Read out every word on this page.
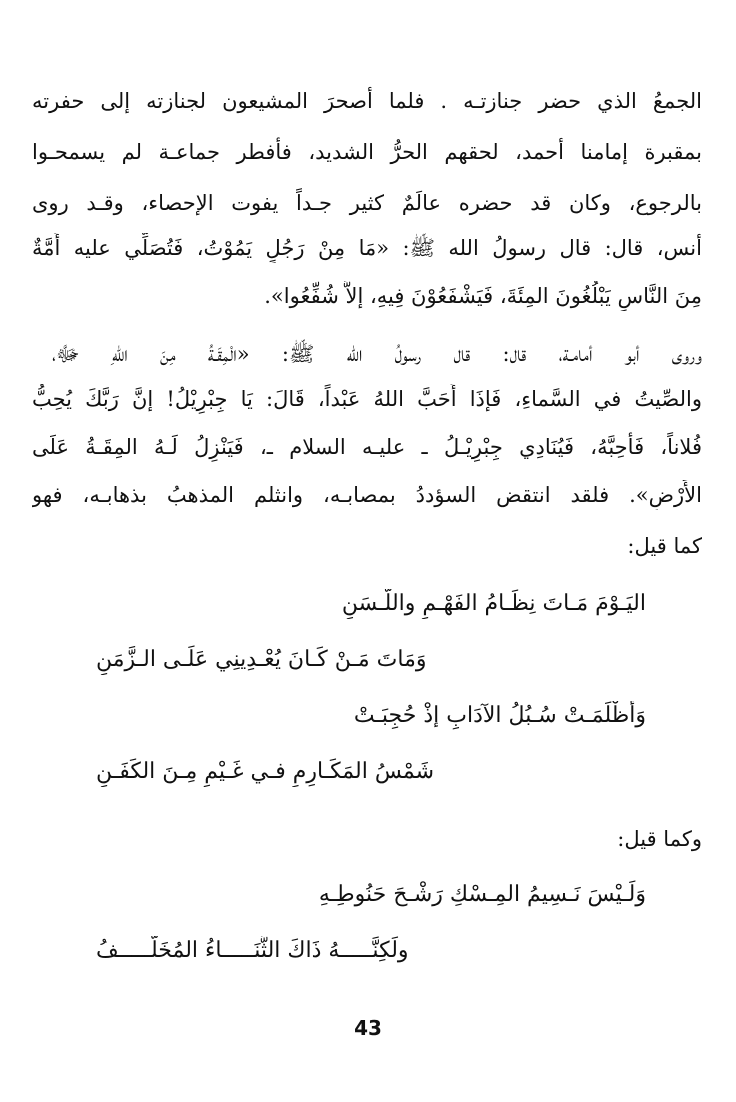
الجمعُ الذي حضر جنازتـه . فلما أصحرَ المشيعون لجنازته إلى حفرته
بمقبرة إمامنا أحمد، لحقهم الحرُّ الشديد، فأفطر جماعـة لم يسمحـوا
بالرجوع، وكان قد حضره عالَمٌ كثير جـداً يفوت الإحصاء، وقـد روى
أنس، قال: قال رسولُ الله ﷺ: «مَا مِنْ رَجُلٍ يَمُوْتُ، فَتُصَلِّي عليه أُمَّةٌ
مِنَ النَّاسِ يَبْلُغُونَ المِئَةَ، فَيَشْفَعُوْنَ فِيهِ، إلاَّ شُفِّعُوا».
وروى أبو أمامـة، قال: قال رسولُ الله ﷺ: «الْمِقَـةُ مِنَ اللهِ ﷻ،
والصِّيتُ في السَّماءِ، فَإذَا أَحَبَّ اللهُ عَبْداً، قَالَ: يَا جِبْرِيْلُ! إنَّ رَبَّكَ يُحِبُّ
فُلاناً، فَأَحِبَّهُ، فَيُنَادِي جِبْرِيْـلُ ـ عليـه السلام ـ، فَيَنْزِلُ لَـهُ المِقَـةُ عَلَى
الأَرْضِ». فلقد انتقض السؤددُ بمصابـه، وانثلم المذهبُ بذهابـه، فهو
كما قيل:
اليَـوْمَ مَـاتَ نِظَـامُ الفَهْـمِ واللَّـسَنِ
وَمَاتَ مَـنْ كَـانَ يُعْـدِينِي عَلَـى الـزَّمَنِ
وَأَظْلَمَـتْ سُـبُلُ الآدَابِ إذْ حُجِبَـتْ
شَمْسُ المَكَـارِمِ فـي غَـيْمٍ مِـنَ الكَفَـنِ
وكما قيل:
وَلَـيْسَ نَـسِيمُ المِـسْكِ رَشْـحَ حَنُوطِـهِ
ولَكِنَّـــــهُ ذَاكَ الثَّنَـــــاءُ المُخَلَّـــــفُ
43
